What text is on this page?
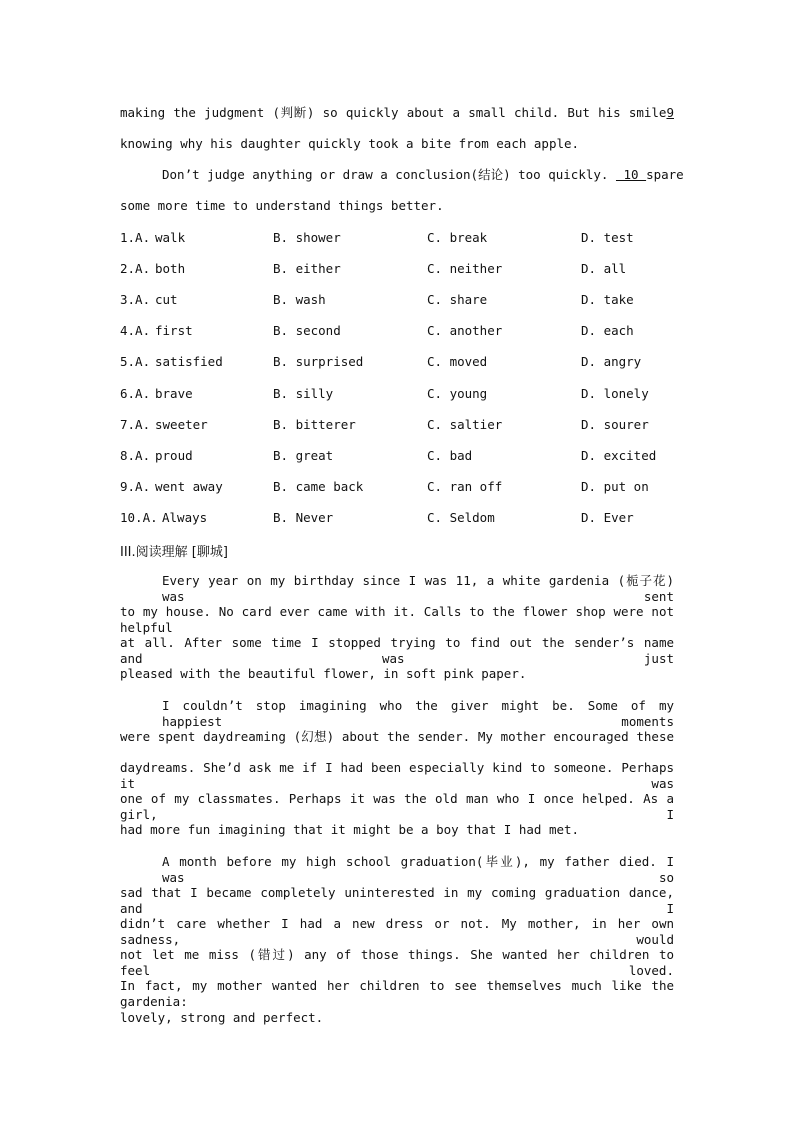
making the judgment (判断) so quickly about a small child. But his smile9
knowing why his daughter quickly took a bite from each apple.
Don’t judge anything or draw a conclusion(结论) too quickly.  10 spare
some more time to understand things better.
1.A. walk	B. shower	C. break	D. test
2.A. both	B. either	C. neither	D. all
3.A. cut	B. wash	C. share	D. take
4.A. first	B. second	C. another	D. each
5.A. satisfied	B. surprised	C. moved	D. angry
6.A. brave	B. silly	C. young	D. lonely
7.A. sweeter	B. bitterer	C. saltier	D. sourer
8.A. proud	B. great	C. bad	D. excited
9.A. went away	B. came back	C. ran off	D. put on
10.A. Always	B. Never	C. Seldom	D. Ever
III.阅读理解 [聊城]
Every year on my birthday since I was 11, a white gardenia (栀子花) was sent
to my house. No card ever came with it. Calls to the flower shop were not helpful
at all. After some time I stopped trying to find out the sender’s name and was just
pleased with the beautiful flower, in soft pink paper.
I couldn’t stop imagining who the giver might be. Some of my happiest moments
were spent daydreaming (幻想) about the sender. My mother encouraged these
daydreams. She’d ask me if I had been especially kind to someone. Perhaps it was
one of my classmates. Perhaps it was the old man who I once helped. As a girl, I
had more fun imagining that it might be a boy that I had met.
A month before my high school graduation(毕业), my father died. I was so
sad that I became completely uninterested in my coming graduation dance, and I
didn’t care whether I had a new dress or not. My mother, in her own sadness, would
not let me miss (错过) any of those things. She wanted her children to feel loved.
In fact, my mother wanted her children to see themselves much like the gardenia:
lovely, strong and perfect.
